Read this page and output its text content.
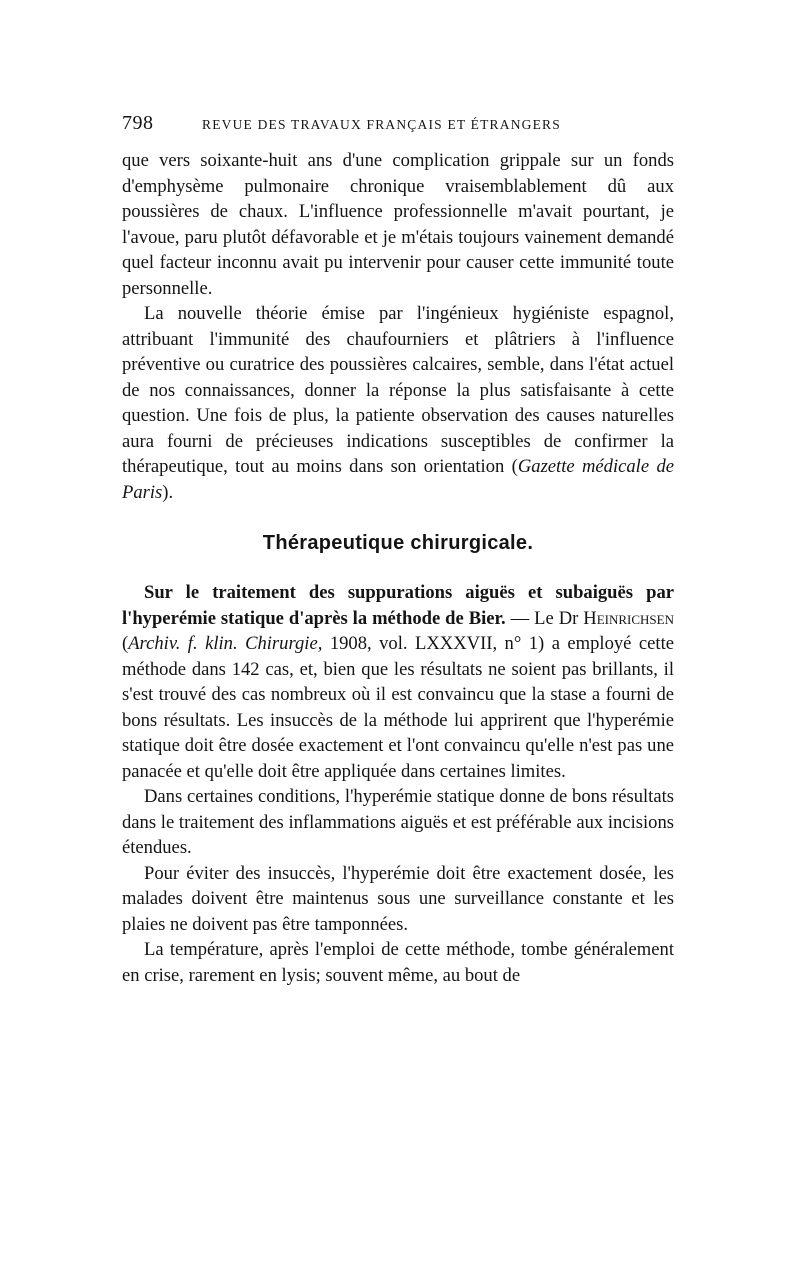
798	REVUE DES TRAVAUX FRANÇAIS ET ÉTRANGERS

que vers soixante-huit ans d'une complication grippale sur un fonds d'emphysème pulmonaire chronique vraisemblablement dû aux poussières de chaux. L'influence professionnelle m'avait pourtant, je l'avoue, paru plutôt défavorable et je m'étais toujours vainement demandé quel facteur inconnu avait pu intervenir pour causer cette immunité toute personnelle.

La nouvelle théorie émise par l'ingénieux hygiéniste espagnol, attribuant l'immunité des chaufourniers et plâtriers à l'influence préventive ou curatrice des poussières calcaires, semble, dans l'état actuel de nos connaissances, donner la réponse la plus satisfaisante à cette question. Une fois de plus, la patiente observation des causes naturelles aura fourni de précieuses indications susceptibles de confirmer la thérapeutique, tout au moins dans son orientation (Gazette médicale de Paris).

Thérapeutique chirurgicale.

Sur le traitement des suppurations aiguës et subaiguës par l'hyperémie statique d'après la méthode de Bier. — Le Dr Heinrichsen (Archiv. f. klin. Chirurgie, 1908, vol. LXXXVII, n° 1) a employé cette méthode dans 142 cas, et, bien que les résultats ne soient pas brillants, il s'est trouvé des cas nombreux où il est convaincu que la stase a fourni de bons résultats. Les insuccès de la méthode lui apprirent que l'hyperémie statique doit être dosée exactement et l'ont convaincu qu'elle n'est pas une panacée et qu'elle doit être appliquée dans certaines limites.

Dans certaines conditions, l'hyperémie statique donne de bons résultats dans le traitement des inflammations aiguës et est préférable aux incisions étendues.

Pour éviter des insuccès, l'hyperémie doit être exactement dosée, les malades doivent être maintenus sous une surveillance constante et les plaies ne doivent pas être tamponnées.

La température, après l'emploi de cette méthode, tombe généralement en crise, rarement en lysis; souvent même, au bout de
